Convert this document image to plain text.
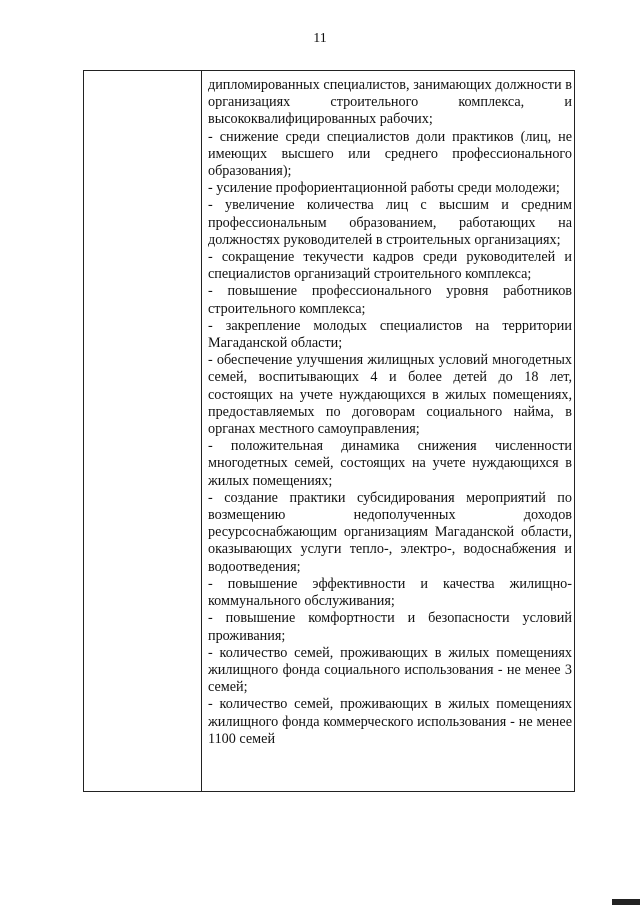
11

дипломированных специалистов, занимающих должности в организациях строительного комплекса, и высококвалифицированных рабочих;

- снижение среди специалистов доли практиков (лиц, не имеющих высшего или среднего профессионального образования);

- усиление профориентационной работы среди молодежи;

- увеличение количества лиц с высшим и средним профессиональным образованием, работающих на должностях руководителей в строительных организациях;

- сокращение текучести кадров среди руководителей и специалистов организаций строительного комплекса;

- повышение профессионального уровня работников строительного комплекса;

- закрепление молодых специалистов на территории Магаданской области;

- обеспечение улучшения жилищных условий многодетных семей, воспитывающих 4 и более детей до 18 лет, состоящих на учете нуждающихся в жилых помещениях, предоставляемых по договорам социального найма, в органах местного самоуправления;

- положительная динамика снижения численности многодетных семей, состоящих на учете нуждающихся в жилых помещениях;

- создание практики субсидирования мероприятий по возмещению недополученных доходов ресурсоснабжающим организациям Магаданской области, оказывающих услуги тепло-, электро-, водоснабжения и водоотведения;

- повышение эффективности и качества жилищно-коммунального обслуживания;

- повышение комфортности и безопасности условий проживания;

- количество семей, проживающих в жилых помещениях жилищного фонда социального использования - не менее 3 семей;

- количество семей, проживающих в жилых помещениях жилищного фонда коммерческого использования - не менее 1100 семей
